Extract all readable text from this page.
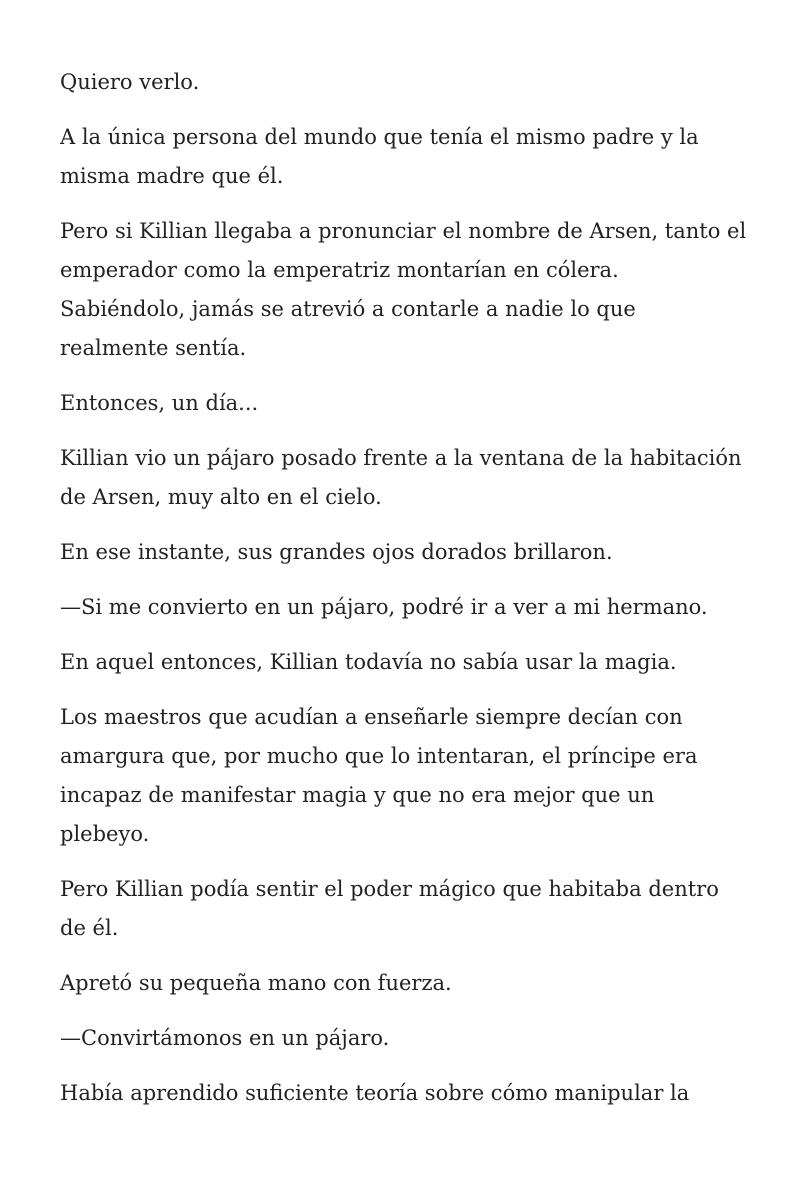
Quiero verlo.

A la única persona del mundo que tenía el mismo padre y la misma madre que él.

Pero si Killian llegaba a pronunciar el nombre de Arsen, tanto el emperador como la emperatriz montarían en cólera. Sabiéndolo, jamás se atrevió a contarle a nadie lo que realmente sentía.

Entonces, un día...

Killian vio un pájaro posado frente a la ventana de la habitación de Arsen, muy alto en el cielo.

En ese instante, sus grandes ojos dorados brillaron.

—Si me convierto en un pájaro, podré ir a ver a mi hermano.

En aquel entonces, Killian todavía no sabía usar la magia.

Los maestros que acudían a enseñarle siempre decían con amargura que, por mucho que lo intentaran, el príncipe era incapaz de manifestar magia y que no era mejor que un plebeyo.

Pero Killian podía sentir el poder mágico que habitaba dentro de él.

Apretó su pequeña mano con fuerza.

—Convirtámonos en un pájaro.

Había aprendido suficiente teoría sobre cómo manipular la
